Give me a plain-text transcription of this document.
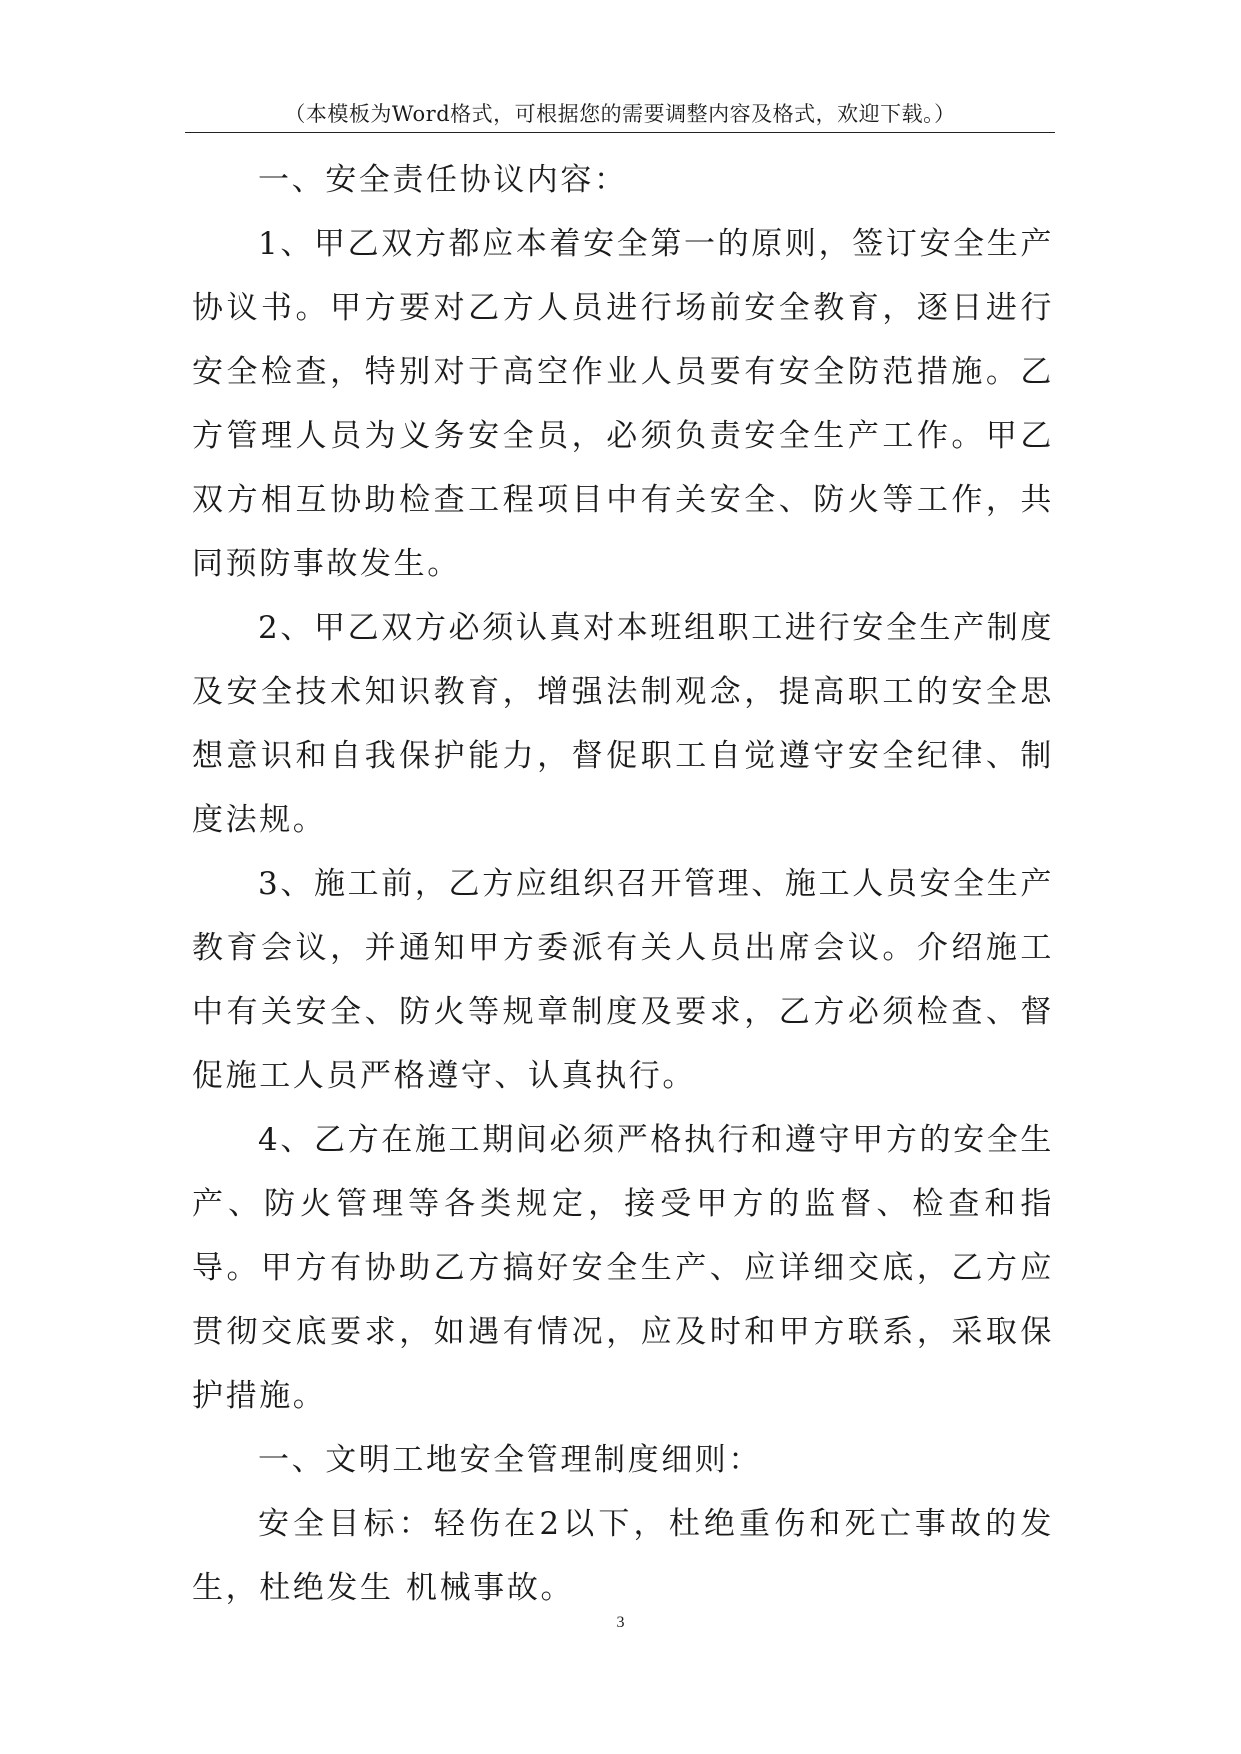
（本模板为Word格式，可根据您的需要调整内容及格式，欢迎下载。）

一、安全责任协议内容：

1、甲乙双方都应本着安全第一的原则，签订安全生产协议书。甲方要对乙方人员进行场前安全教育，逐日进行安全检查，特别对于高空作业人员要有安全防范措施。乙方管理人员为义务安全员，必须负责安全生产工作。甲乙双方相互协助检查工程项目中有关安全、防火等工作，共同预防事故发生。

2、甲乙双方必须认真对本班组职工进行安全生产制度及安全技术知识教育，增强法制观念，提高职工的安全思想意识和自我保护能力，督促职工自觉遵守安全纪律、制度法规。

3、施工前，乙方应组织召开管理、施工人员安全生产教育会议，并通知甲方委派有关人员出席会议。介绍施工中有关安全、防火等规章制度及要求，乙方必须检查、督促施工人员严格遵守、认真执行。

4、乙方在施工期间必须严格执行和遵守甲方的安全生产、防火管理等各类规定，接受甲方的监督、检查和指导。甲方有协助乙方搞好安全生产、应详细交底，乙方应贯彻交底要求，如遇有情况，应及时和甲方联系，采取保护措施。

一、文明工地安全管理制度细则：

安全目标：轻伤在2以下，杜绝重伤和死亡事故的发生，杜绝发生 机械事故。

3
